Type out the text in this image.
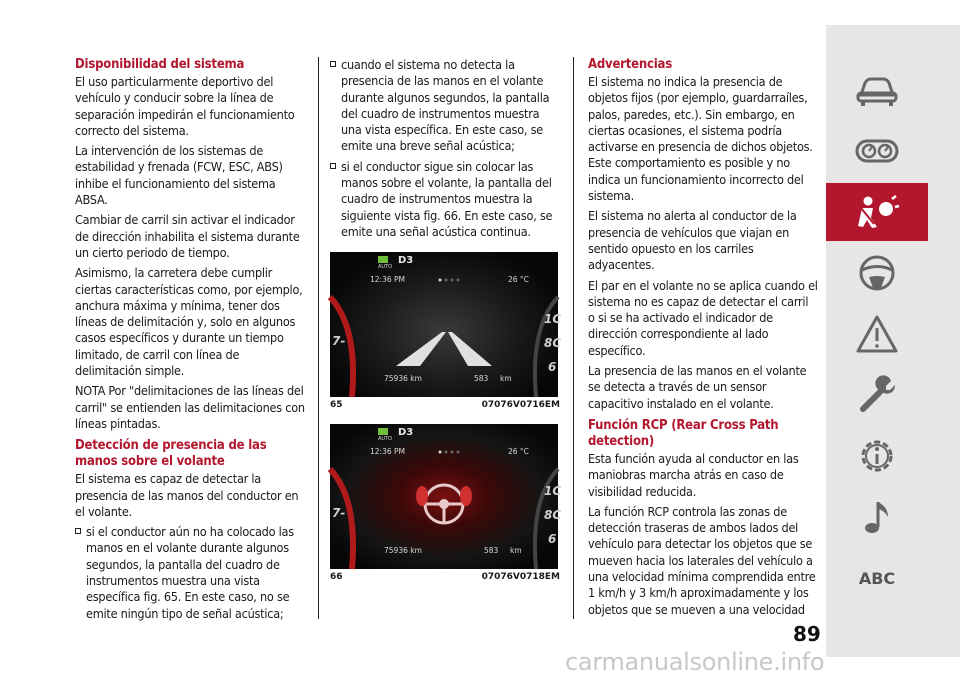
Disponibilidad del sistema

El uso particularmente deportivo del vehículo y conducir sobre la línea de separación impedirán el funcionamiento correcto del sistema.

La intervención de los sistemas de estabilidad y frenada (FCW, ESC, ABS) inhibe el funcionamiento del sistema ABSA.

Cambiar de carril sin activar el indicador de dirección inhabilita el sistema durante un cierto periodo de tiempo.

Asimismo, la carretera debe cumplir ciertas características como, por ejemplo, anchura máxima y mínima, tener dos líneas de delimitación y, solo en algunos casos específicos y durante un tiempo limitado, de carril con línea de delimitación simple.

NOTA Por "delimitaciones de las líneas del carril" se entienden las delimitaciones con líneas pintadas.

Detección de presencia de las manos sobre el volante

El sistema es capaz de detectar la presencia de las manos del conductor en el volante.

si el conductor aún no ha colocado las manos en el volante durante algunos segundos, la pantalla del cuadro de instrumentos muestra una vista específica fig. 65. En este caso, no se emite ningún tipo de señal acústica;

cuando el sistema no detecta la presencia de las manos en el volante durante algunos segundos, la pantalla del cuadro de instrumentos muestra una vista específica. En este caso, se emite una breve señal acústica;

si el conductor sigue sin colocar las manos sobre el volante, la pantalla del cuadro de instrumentos muestra la siguiente vista fig. 66. En este caso, se emite una señal acústica continua.

AUTO
D3
12:36 PM	26 °C
75936 km	583 km
7-
1C
8C
6
65	07076V0716EM
AUTO
D3
12:36 PM	26 °C
75936 km	583 km
7-
1C
8C
6
66	07076V0718EM
Advertencias

El sistema no indica la presencia de objetos fijos (por ejemplo, guardarraíles, palos, paredes, etc.). Sin embargo, en ciertas ocasiones, el sistema podría activarse en presencia de dichos objetos. Este comportamiento es posible y no indica un funcionamiento incorrecto del sistema.

El sistema no alerta al conductor de la presencia de vehículos que viajan en sentido opuesto en los carriles adyacentes.

El par en el volante no se aplica cuando el sistema no es capaz de detectar el carril o si se ha activado el indicador de dirección correspondiente al lado específico.

La presencia de las manos en el volante se detecta a través de un sensor capacitivo instalado en el volante.

Función RCP (Rear Cross Path detection)

Esta función ayuda al conductor en las maniobras marcha atrás en caso de visibilidad reducida.

La función RCP controla las zonas de detección traseras de ambos lados del vehículo para detectar los objetos que se mueven hacia los laterales del vehículo a una velocidad mínima comprendida entre 1 km/h y 3 km/h aproximadamente y los objetos que se mueven a una velocidad

ABC
89
carmanualsonline.info
